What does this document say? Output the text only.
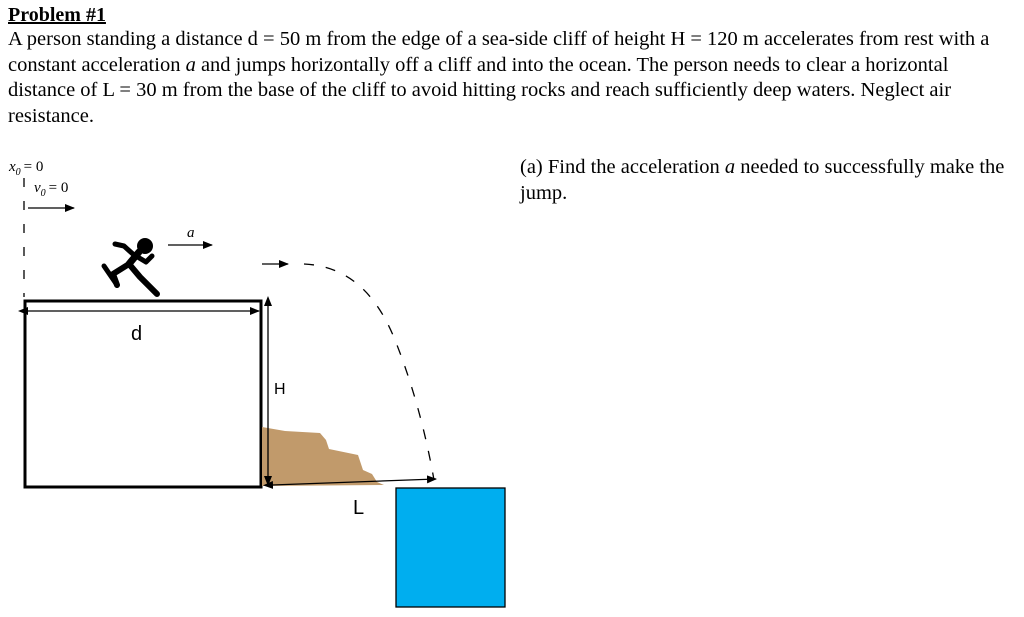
Problem #1
A person standing a distance d = 50 m from the edge of a sea-side cliff of height H = 120 m accelerates from rest with a constant acceleration a and jumps horizontally off a cliff and into the ocean. The person needs to clear a horizontal distance of L = 30 m from the base of the cliff to avoid hitting rocks and reach sufficiently deep waters. Neglect air resistance.
(a) Find the acceleration a needed to successfully make the jump.
$x_0 = 0$
$v_0 = 0$
a
d
H
L
